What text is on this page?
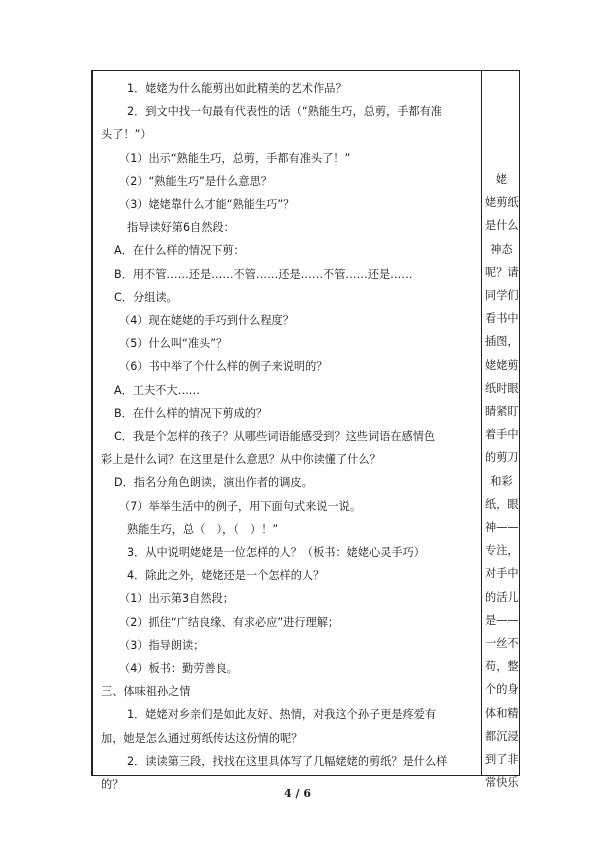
1．姥姥为什么能剪出如此精美的艺术作品？
2．到文中找一句最有代表性的话（“熟能生巧，总剪，手都有准
头了！”）
（1）出示“熟能生巧，总剪，手都有准头了！”
（2）“熟能生巧”是什么意思？
（3）姥姥靠什么才能“熟能生巧”？
指导读好第6自然段：
A．在什么样的情况下剪：
B．用不管……还是……不管……还是……不管……还是……
C．分组读。
（4）现在姥姥的手巧到什么程度？
（5）什么叫“准头”？
（6）书中举了个什么样的例子来说明的？
A．工夫不大……
B．在什么样的情况下剪成的？
C．我是个怎样的孩子？从哪些词语能感受到？这些词语在感情色
彩上是什么词？在这里是什么意思？从中你读懂了什么？
D．指名分角色朗读，演出作者的调皮。
（7）举举生活中的例子，用下面句式来说一说。
熟能生巧，总（　），（　）！”
3．从中说明姥姥是一位怎样的人？（板书：姥姥心灵手巧）
4．除此之外，姥姥还是一个怎样的人？
（1）出示第3自然段；
（2）抓住“广结良缘、有求必应”进行理解；
（3）指导朗读；
（4）板书：勤劳善良。
三、体味祖孙之情
1．姥姥对乡亲们是如此友好、热情，对我这个孙子更是疼爱有
加，她是怎么通过剪纸传达这份情的呢？
2．读读第三段，找找在这里具体写了几幅姥姥的剪纸？是什么样
的？
姥
姥剪纸
是什么
神态
呢？请
同学们
看书中
插图，
姥姥剪
纸时眼
睛紧盯
着手中
的剪刀
和彩
纸，眼
神——
专注，
对手中
的活儿
是——
一丝不
苟，整
个的身
体和精
都沉浸
到了非
常快乐
4 / 6
